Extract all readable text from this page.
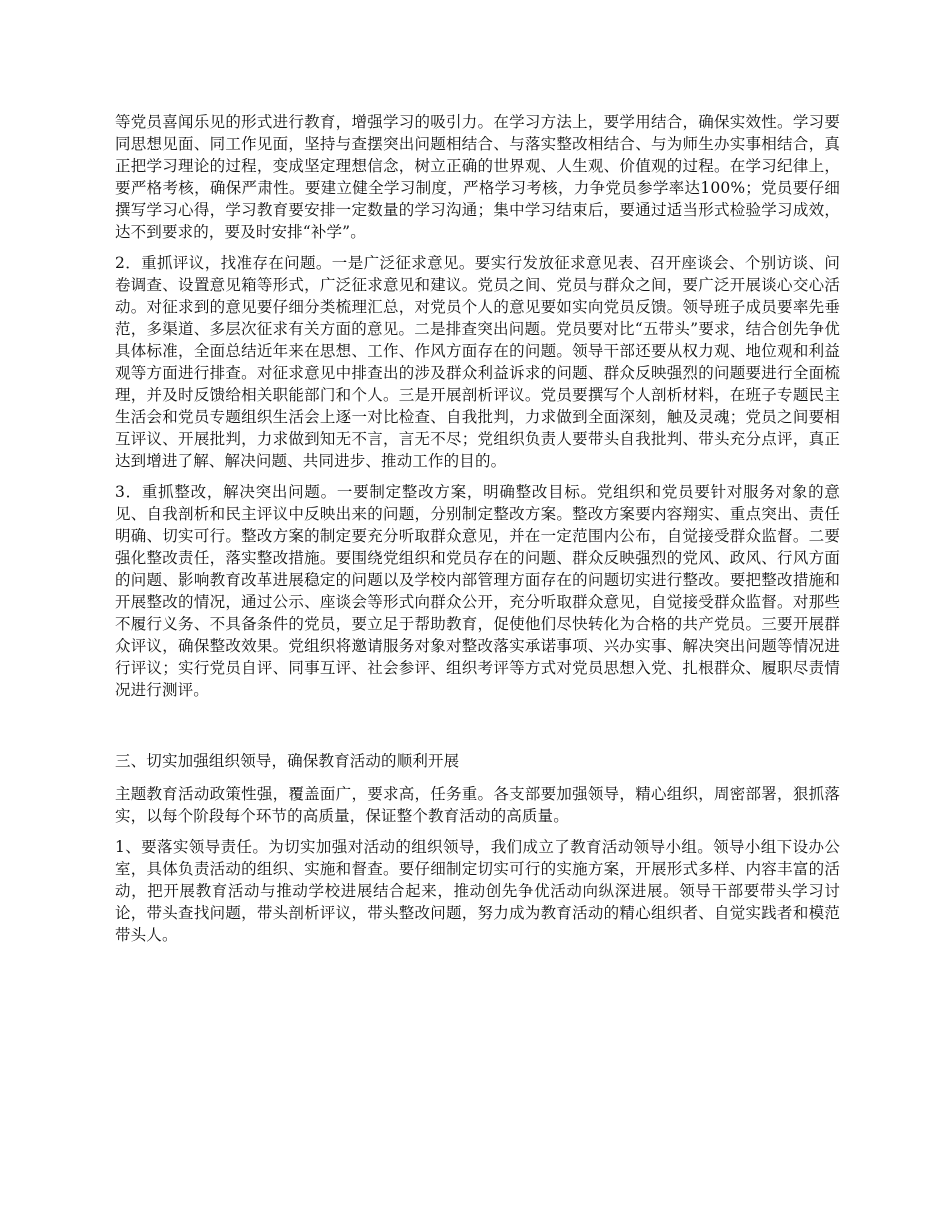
等党员喜闻乐见的形式进行教育，增强学习的吸引力。在学习方法上，要学用结合，确保实效性。学习要同思想见面、同工作见面，坚持与查摆突出问题相结合、与落实整改相结合、与为师生办实事相结合，真正把学习理论的过程，变成坚定理想信念，树立正确的世界观、人生观、价值观的过程。在学习纪律上，要严格考核，确保严肃性。要建立健全学习制度，严格学习考核，力争党员参学率达100%；党员要仔细撰写学习心得，学习教育要安排一定数量的学习沟通；集中学习结束后，要通过适当形式检验学习成效，达不到要求的，要及时安排“补学”。

2．重抓评议，找准存在问题。一是广泛征求意见。要实行发放征求意见表、召开座谈会、个别访谈、问卷调查、设置意见箱等形式，广泛征求意见和建议。党员之间、党员与群众之间，要广泛开展谈心交心活动。对征求到的意见要仔细分类梳理汇总，对党员个人的意见要如实向党员反馈。领导班子成员要率先垂范，多渠道、多层次征求有关方面的意见。二是排查突出问题。党员要对比“五带头”要求，结合创先争优具体标准，全面总结近年来在思想、工作、作风方面存在的问题。领导干部还要从权力观、地位观和利益观等方面进行排查。对征求意见中排查出的涉及群众利益诉求的问题、群众反映强烈的问题要进行全面梳理，并及时反馈给相关职能部门和个人。三是开展剖析评议。党员要撰写个人剖析材料，在班子专题民主生活会和党员专题组织生活会上逐一对比检查、自我批判，力求做到全面深刻，触及灵魂；党员之间要相互评议、开展批判，力求做到知无不言，言无不尽；党组织负责人要带头自我批判、带头充分点评，真正达到增进了解、解决问题、共同进步、推动工作的目的。

3．重抓整改，解决突出问题。一要制定整改方案，明确整改目标。党组织和党员要针对服务对象的意见、自我剖析和民主评议中反映出来的问题，分别制定整改方案。整改方案要内容翔实、重点突出、责任明确、切实可行。整改方案的制定要充分听取群众意见，并在一定范围内公布，自觉接受群众监督。二要强化整改责任，落实整改措施。要围绕党组织和党员存在的问题、群众反映强烈的党风、政风、行风方面的问题、影响教育改革进展稳定的问题以及学校内部管理方面存在的问题切实进行整改。要把整改措施和开展整改的情况，通过公示、座谈会等形式向群众公开，充分听取群众意见，自觉接受群众监督。对那些不履行义务、不具备条件的党员，要立足于帮助教育，促使他们尽快转化为合格的共产党员。三要开展群众评议，确保整改效果。党组织将邀请服务对象对整改落实承诺事项、兴办实事、解决突出问题等情况进行评议；实行党员自评、同事互评、社会参评、组织考评等方式对党员思想入党、扎根群众、履职尽责情况进行测评。

三、切实加强组织领导，确保教育活动的顺利开展

主题教育活动政策性强，覆盖面广，要求高，任务重。各支部要加强领导，精心组织，周密部署，狠抓落实，以每个阶段每个环节的高质量，保证整个教育活动的高质量。

1、要落实领导责任。为切实加强对活动的组织领导，我们成立了教育活动领导小组。领导小组下设办公室，具体负责活动的组织、实施和督查。要仔细制定切实可行的实施方案，开展形式多样、内容丰富的活动，把开展教育活动与推动学校进展结合起来，推动创先争优活动向纵深进展。领导干部要带头学习讨论，带头查找问题，带头剖析评议，带头整改问题，努力成为教育活动的精心组织者、自觉实践者和模范带头人。
